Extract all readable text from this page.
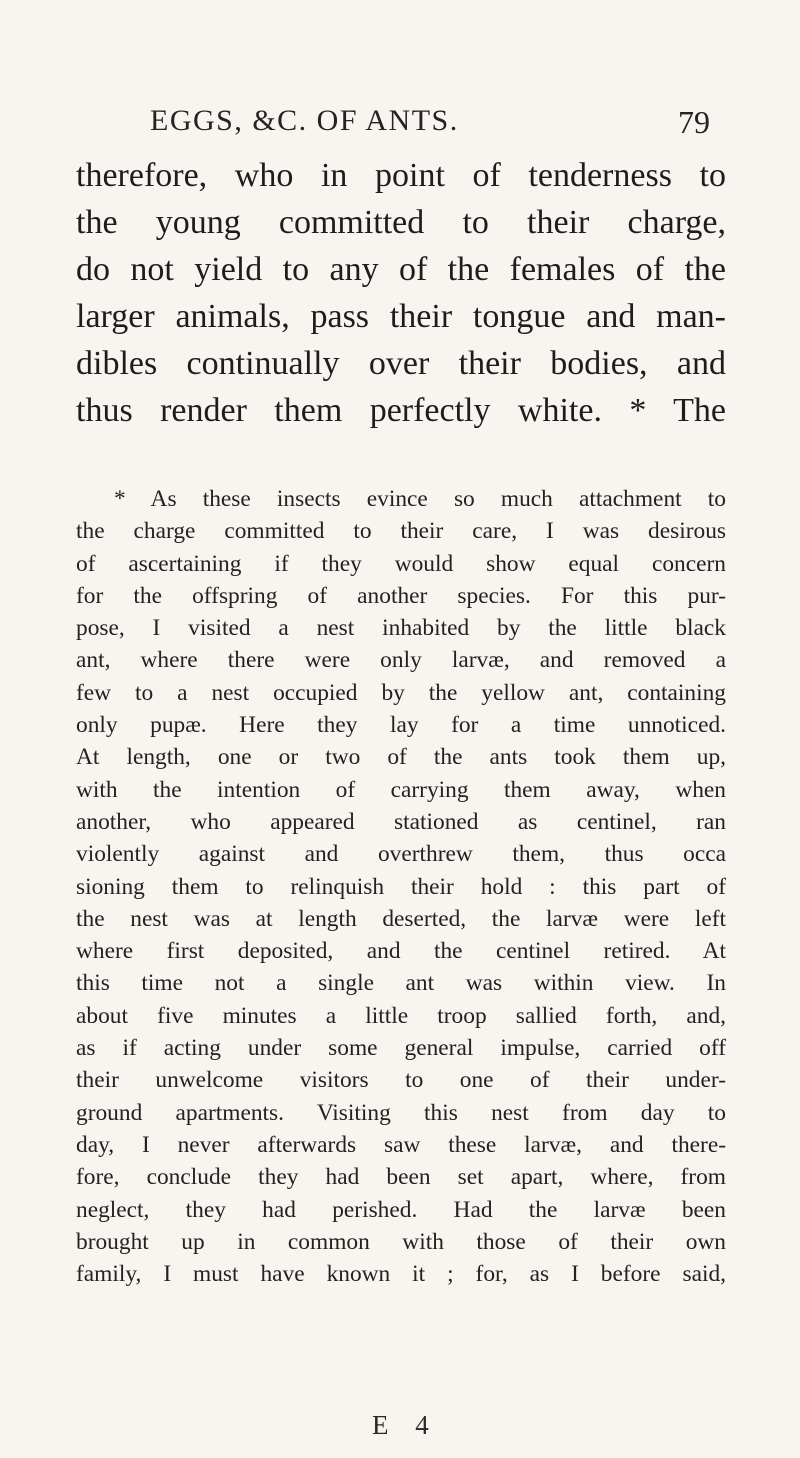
EGGS, &C. OF ANTS.	79
therefore, who in point of tenderness to
the young committed to their charge,
do not yield to any of the females of the
larger animals, pass their tongue and man-
dibles continually over their bodies, and
thus render them perfectly white. * The
* As these insects evince so much attachment to
the charge committed to their care, I was desirous
of ascertaining if they would show equal concern
for the offspring of another species. For this pur-
pose, I visited a nest inhabited by the little black
ant, where there were only larvæ, and removed a
few to a nest occupied by the yellow ant, containing
only pupæ. Here they lay for a time unnoticed.
At length, one or two of the ants took them up,
with the intention of carrying them away, when
another, who appeared stationed as centinel, ran
violently against and overthrew them, thus occa
sioning them to relinquish their hold : this part of
the nest was at length deserted, the larvæ were left
where first deposited, and the centinel retired. At
this time not a single ant was within view. In
about five minutes a little troop sallied forth, and,
as if acting under some general impulse, carried off
their unwelcome visitors to one of their under-
ground apartments. Visiting this nest from day to
day, I never afterwards saw these larvæ, and there-
fore, conclude they had been set apart, where, from
neglect, they had perished. Had the larvæ been
brought up in common with those of their own
family, I must have known it ; for, as I before said,
E 4
